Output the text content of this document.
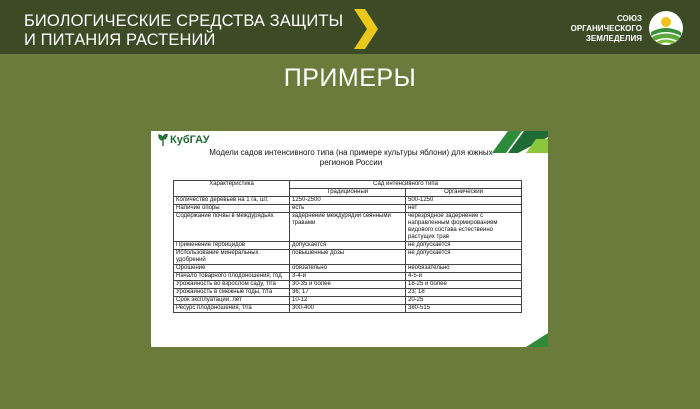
БИОЛОГИЧЕСКИЕ СРЕДСТВА ЗАЩИТЫ И ПИТАНИЯ РАСТЕНИЙ
СОЮЗ
ОРГАНИЧЕСКОГО
ЗЕМЛЕДЕЛИЯ
ПРИМЕРЫ
КубГАУ
Модели садов интенсивного типа (на примере культуры яблони) для южных регионов России
Характеристика	Сад интенсивного типа	
	Традиционный	Органический
Количество деревьев на 1 га, шт.	1250-2500	500-1250
Наличие опоры	есть	нет
Содержание почвы в междурядьях	задернение междурядий сеянными травами	черезрядное задернение с направленным формированием видового состава естественно растущих трав
Применение гербицидов	допускается	не допускается
Использование минеральных удобрений	повышенные дозы	не допускается
Орошение	обязательно	необязательно
Начало товарного плодоношения, год	3-4-й	4-5-й
Урожайность во взрослом саду, т/га	30-35 и более	18-25 и более
Урожайность в смежные годы, т/га	36; 17	23; 18
Срок эксплуатации, лет	10-12	20-25
Ресурс плодоношения, т/га	300-400	380-515
